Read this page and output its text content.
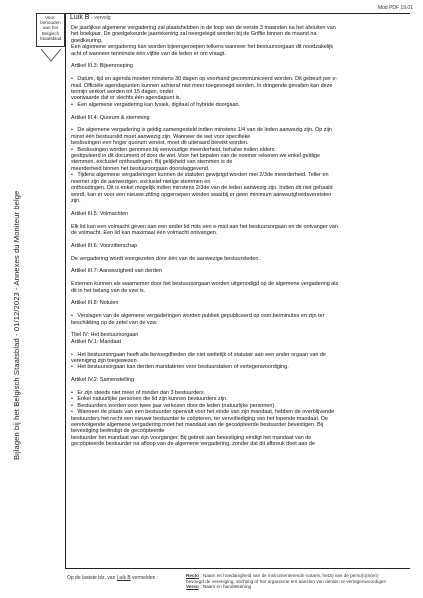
Mod PDF 19.01
Voor-
behouden
aan het
Belgisch
Staatsblad
Luik B - vervolg
Bijlagen bij het Belgisch Staatsblad - 01/12/2023 - Annexes du Moniteur belge

De jaarlijkse algemene vergadering zal plaatshebben in de loop van de eerste 3 maanden na het afsluiten van

het boekjaar. De goedgekeurde jaarrekening zal neergelegd worden bij de Griffie binnen de maand na

goedkeuring.

Een algemene vergadering kan worden bijeengeroepen telkens wanneer het bestuursorgaan dit noodzakelijk

acht of wanneer tenminste één vijfde van de leden er om vraagt.

Artikel III.3: Bijeenroeping

•   Datum, tijd en agenda moeten minstens 30 dagen op voorhand gecommuniceerd worden. Dit gebeurt per e-

mail. Officiële agendapunten kunnen achteraf niet meer toegevoegd worden. In dringende gevallen kan deze

termijn verkort worden tot 15 dagen, onder

voorwaarde dat er slechts één agendapunt is.

•   Een algemene vergadering kan fysiek, digitaal of hybride doorgaan.

Artikel III.4: Quorum & stemming

•   De algemene vergadering is geldig samengesteld indien minstens 1/4 van de leden aanwezig zijn. Op zijn

minst één bestuurslid moet aanwezig zijn. Wanneer de wet voor specifieke

beslissingen een hoger quorum vereist, moet dit uiteraard bereikt worden.

•   Beslissingen worden genomen bij eenvoudige meerderheid, behalve indien elders

gestipuleerd in dit document of door de wet. Voor het bepalen van de noemer rekenen we enkel geldige

stemmen, exclusief onthoudingen. Bij gelijkheid van stemmen is de

meerderheid binnen het bestuursorgaan doorslaggevend.

•   Tijdens algemene vergaderingen kunnen de statuten gewijzigd worden met 2/3de meerderheid. Teller en

noemer zijn de aanwezigen, exclusief nietige stemmen en

onthoudingen. Dit is enkel mogelijk indien minstens 2/3de van de leden aanwezig zijn. Indien dit niet gehaald

wordt, kan er voor een nieuwe zitting opgeroepen worden waarbij er geen minimum aanwezigheidsvereisten

zijn.

Artikel III.5: Volmachten

Elk lid kan een volmacht geven aan een ander lid mits een e-mail aan het bestuursorgaan en de ontvanger van

de volmacht. Een lid kan maximaal één volmacht ontvangen.

Artikel III.6: Voorzitterschap

De vergadering wordt voorgezeten door één van de aanwezige bestuursleden.

Artikel III.7: Aanwezigheid van derden

Externen kunnen als waarnemer door het bestuursorgaan worden uitgenodigd op de algemene vergadering als

dit in het belang van de vzw is.

Artikel III.8: Notulen

•   Verslagen van de algemene vergaderingen worden publiek gepubliceerd op osm.be/minutes en zijn ter

beschikking op de zetel van de vzw.

Titel IV: Het bestuursorgaan

Artikel IV.1: Mandaat

•   Het bestuursorgaan heeft alle bevoegdheden die niet wettelijk of statutair aan een ander orgaan van de

vereniging zijn toegewezen.

•   Het bestuursorgaan kan derden mandateren voor bestuurstaken of vertegenwoordiging.

Artikel IV.2: Samenstelling

•   Er zijn steeds niet meer of minder dan 3 bestuurders.

•   Enkel natuurlijke personen die lid zijn kunnen bestuurders zijn.

•   Bestuurders worden voor twee jaar verkozen door de leden (natuurlijke personen).

•   Wanneer de plaats van een bestuurder openvalt voor het einde van zijn mandaat, hebben de overblijvende

bestuurders het recht een nieuwe bestuurder te coöpteren, ter vervollediging van het lopende mandaat. De

eerstvolgende algemene vergadering moet het mandaat van de gecoöpteerde bestuurder bevestigen. Bij

bevestiging beëindigt de gecoöpteerde

bestuurder het mandaat van zijn voorganger. Bij gebrek aan bevestiging eindigt het mandaat van de

gecoöpteerde bestuurder na afloop van de algemene vergadering, zonder dat dit afbreuk doet aan de

Op de laatste blz. van Luik B vermelden :	Recto : Naam en hoedanigheid van de instrumenterende notaris, hetzij van de perso(o)n(en)
bevoegd de vereniging, stichting of het organisme ten aanzien van derden te vertegenwoordigen
Verso : Naam en handtekening
